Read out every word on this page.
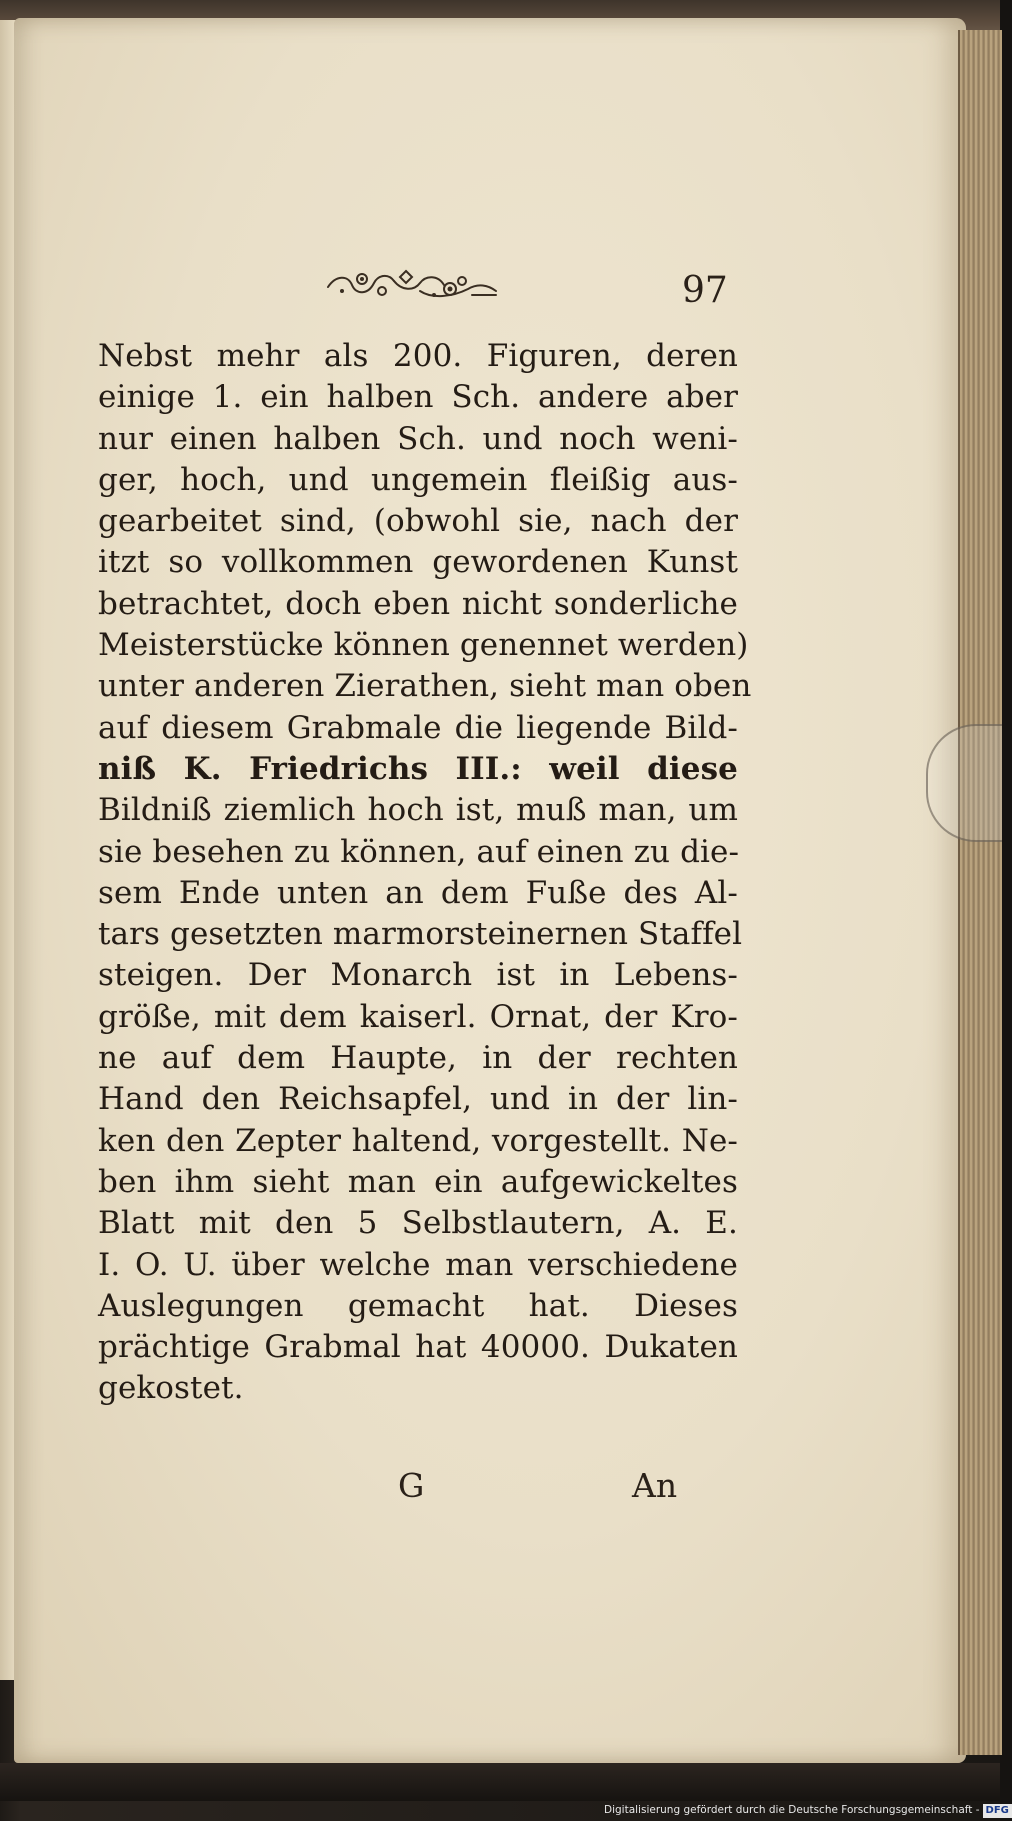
97
Nebst mehr als 200. Figuren, deren
einige 1. ein halben Sch. andere aber
nur einen halben Sch. und noch weni-
ger, hoch, und ungemein fleißig aus-
gearbeitet sind, (obwohl sie, nach der
itzt so vollkommen gewordenen Kunst
betrachtet, doch eben nicht sonderliche
Meisterstücke können genennet werden)
unter anderen Zierathen, sieht man oben
auf diesem Grabmale die liegende Bild-
niß K. Friedrichs III.: weil diese
Bildniß ziemlich hoch ist, muß man, um
sie besehen zu können, auf einen zu die-
sem Ende unten an dem Fuße des Al-
tars gesetzten marmorsteinernen Staffel
steigen. Der Monarch ist in Lebens-
größe, mit dem kaiserl. Ornat, der Kro-
ne auf dem Haupte, in der rechten
Hand den Reichsapfel, und in der lin-
ken den Zepter haltend, vorgestellt. Ne-
ben ihm sieht man ein aufgewickeltes
Blatt mit den 5 Selbstlautern, A. E.
I. O. U. über welche man verschiedene
Auslegungen gemacht hat. Dieses
prächtige Grabmal hat 40000. Dukaten
gekostet.
G	An
Digitalisierung gefördert durch die Deutsche Forschungsgemeinschaft - DFG
